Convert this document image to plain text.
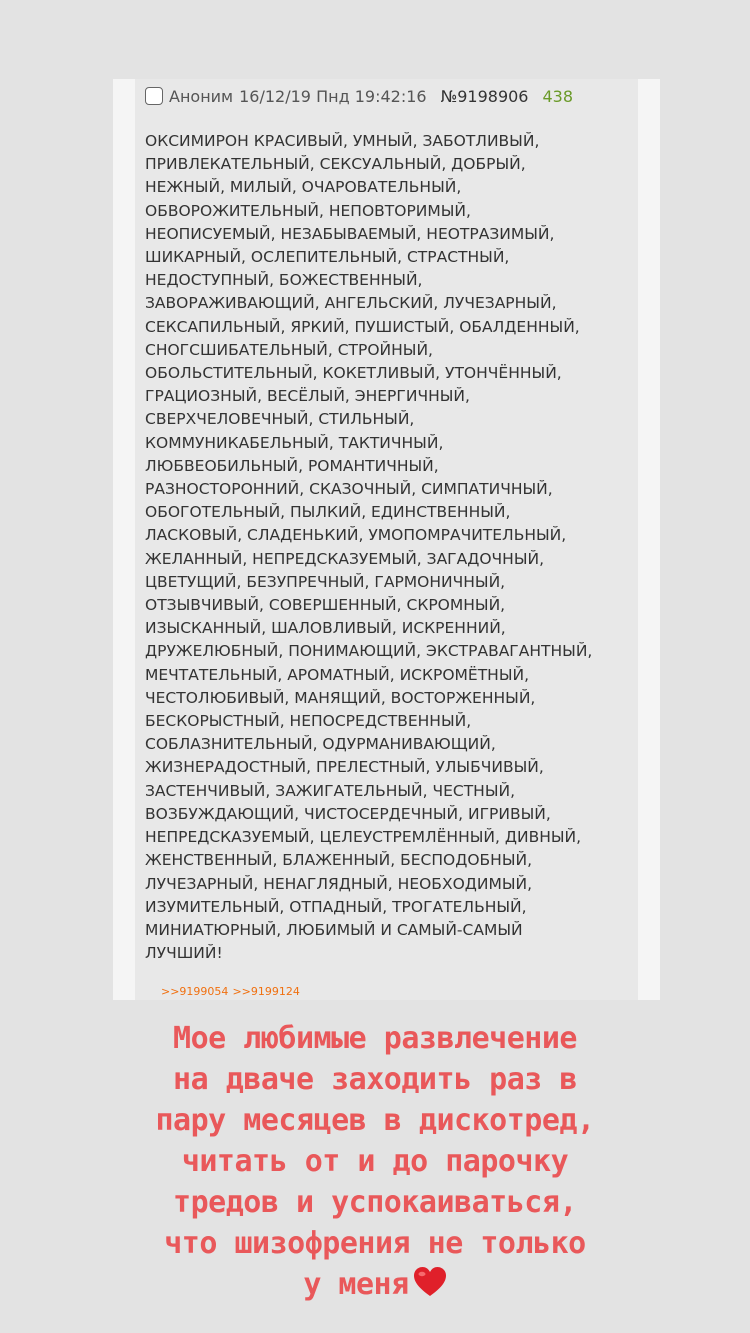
Аноним 16/12/19 Пнд 19:42:16 №9198906 438
ОКСИМИРОН КРАСИВЫЙ, УМНЫЙ, ЗАБОТЛИВЫЙ,
ПРИВЛЕКАТЕЛЬНЫЙ, СЕКСУАЛЬНЫЙ, ДОБРЫЙ,
НЕЖНЫЙ, МИЛЫЙ, ОЧАРОВАТЕЛЬНЫЙ,
ОБВОРОЖИТЕЛЬНЫЙ, НЕПОВТОРИМЫЙ,
НЕОПИСУЕМЫЙ, НЕЗАБЫВАЕМЫЙ, НЕОТРАЗИМЫЙ,
ШИКАРНЫЙ, ОСЛЕПИТЕЛЬНЫЙ, СТРАСТНЫЙ,
НЕДОСТУПНЫЙ, БОЖЕСТВЕННЫЙ,
ЗАВОРАЖИВАЮЩИЙ, АНГЕЛЬСКИЙ, ЛУЧЕЗАРНЫЙ,
СЕКСАПИЛЬНЫЙ, ЯРКИЙ, ПУШИСТЫЙ, ОБАЛДЕННЫЙ,
СНОГСШИБАТЕЛЬНЫЙ, СТРОЙНЫЙ,
ОБОЛЬСТИТЕЛЬНЫЙ, КОКЕТЛИВЫЙ, УТОНЧЁННЫЙ,
ГРАЦИОЗНЫЙ, ВЕСЁЛЫЙ, ЭНЕРГИЧНЫЙ,
СВЕРХЧЕЛОВЕЧНЫЙ, СТИЛЬНЫЙ,
КОММУНИКАБЕЛЬНЫЙ, ТАКТИЧНЫЙ,
ЛЮБВЕОБИЛЬНЫЙ, РОМАНТИЧНЫЙ,
РАЗНОСТОРОННИЙ, СКАЗОЧНЫЙ, СИМПАТИЧНЫЙ,
ОБОГОТЕЛЬНЫЙ, ПЫЛКИЙ, ЕДИНСТВЕННЫЙ,
ЛАСКОВЫЙ, СЛАДЕНЬКИЙ, УМОПОМРАЧИТЕЛЬНЫЙ,
ЖЕЛАННЫЙ, НЕПРЕДСКАЗУЕМЫЙ, ЗАГАДОЧНЫЙ,
ЦВЕТУЩИЙ, БЕЗУПРЕЧНЫЙ, ГАРМОНИЧНЫЙ,
ОТЗЫВЧИВЫЙ, СОВЕРШЕННЫЙ, СКРОМНЫЙ,
ИЗЫСКАННЫЙ, ШАЛОВЛИВЫЙ, ИСКРЕННИЙ,
ДРУЖЕЛЮБНЫЙ, ПОНИМАЮЩИЙ, ЭКСТРАВАГАНТНЫЙ,
МЕЧТАТЕЛЬНЫЙ, АРОМАТНЫЙ, ИСКРОМЁТНЫЙ,
ЧЕСТОЛЮБИВЫЙ, МАНЯЩИЙ, ВОСТОРЖЕННЫЙ,
БЕСКОРЫСТНЫЙ, НЕПОСРЕДСТВЕННЫЙ,
СОБЛАЗНИТЕЛЬНЫЙ, ОДУРМАНИВАЮЩИЙ,
ЖИЗНЕРАДОСТНЫЙ, ПРЕЛЕСТНЫЙ, УЛЫБЧИВЫЙ,
ЗАСТЕНЧИВЫЙ, ЗАЖИГАТЕЛЬНЫЙ, ЧЕСТНЫЙ,
ВОЗБУЖДАЮЩИЙ, ЧИСТОСЕРДЕЧНЫЙ, ИГРИВЫЙ,
НЕПРЕДСКАЗУЕМЫЙ, ЦЕЛЕУСТРЕМЛЁННЫЙ, ДИВНЫЙ,
ЖЕНСТВЕННЫЙ, БЛАЖЕННЫЙ, БЕСПОДОБНЫЙ,
ЛУЧЕЗАРНЫЙ, НЕНАГЛЯДНЫЙ, НЕОБХОДИМЫЙ,
ИЗУМИТЕЛЬНЫЙ, ОТПАДНЫЙ, ТРОГАТЕЛЬНЫЙ,
МИНИАТЮРНЫЙ, ЛЮБИМЫЙ И САМЫЙ-САМЫЙ
ЛУЧШИЙ!
>>9199054 >>9199124
Мое любимые развлечение
на дваче заходить раз в
пару месяцев в дискотред,
читать от и до парочку
тредов и успокаиваться,
что шизофрения не только
у меня
